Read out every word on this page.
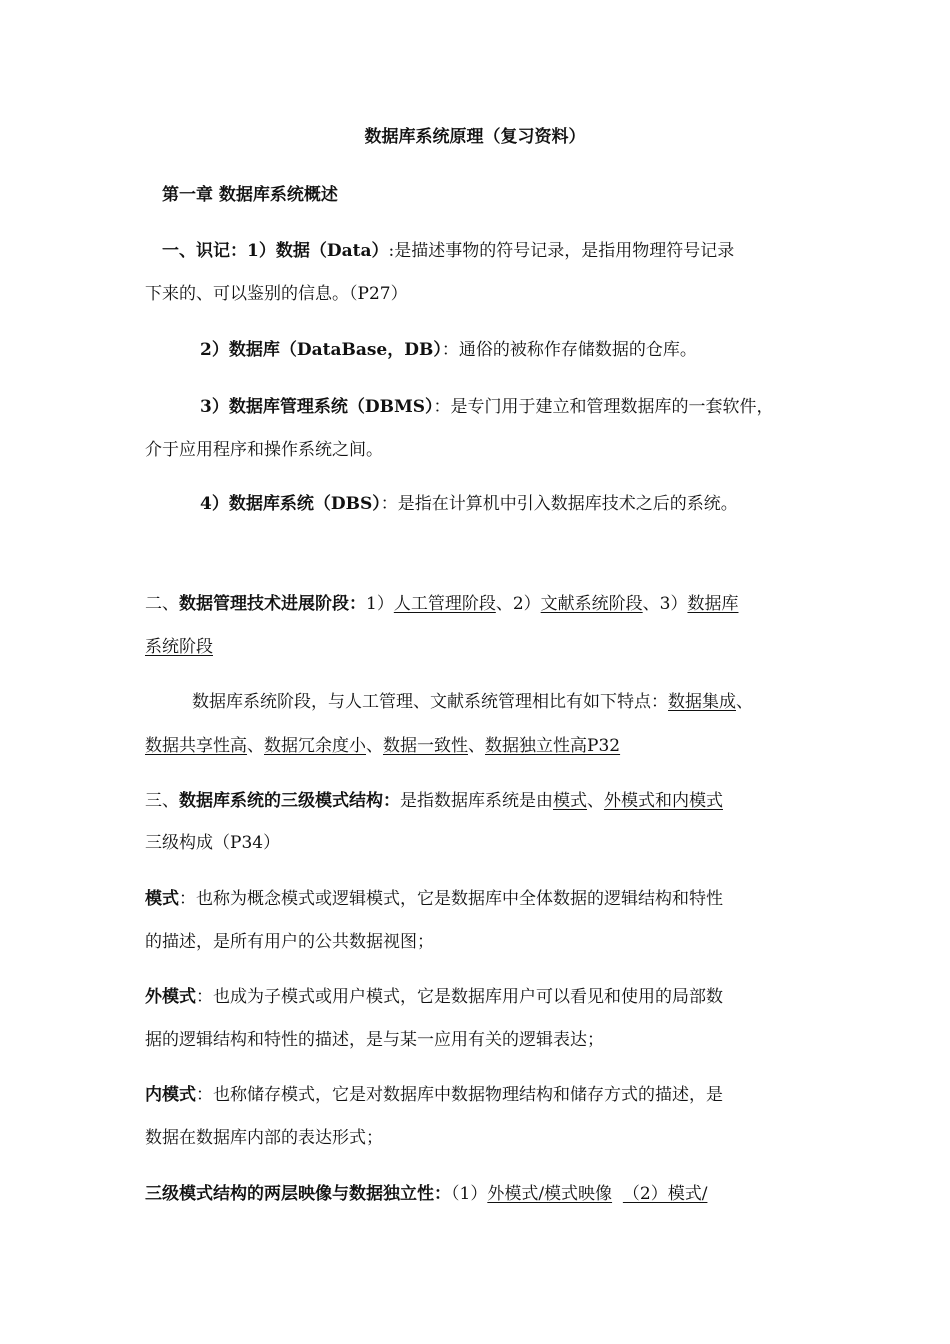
数据库系统原理（复习资料）
第一章 数据库系统概述
一、识记：1）数据（Data）:是描述事物的符号记录，是指用物理符号记录
下来的、可以鉴别的信息。（P27）
2）数据库（DataBase，DB）：通俗的被称作存储数据的仓库。
3）数据库管理系统（DBMS）：是专门用于建立和管理数据库的一套软件，
介于应用程序和操作系统之间。
4）数据库系统（DBS）：是指在计算机中引入数据库技术之后的系统。
二、数据管理技术进展阶段：1）人工管理阶段、2）文献系统阶段、3）数据库
系统阶段
数据库系统阶段，与人工管理、文献系统管理相比有如下特点：数据集成、
数据共享性高、数据冗余度小、数据一致性、数据独立性高P32
三、数据库系统的三级模式结构：是指数据库系统是由模式、外模式和内模式
三级构成（P34）
模式：也称为概念模式或逻辑模式，它是数据库中全体数据的逻辑结构和特性
的描述，是所有用户的公共数据视图；
外模式：也成为子模式或用户模式，它是数据库用户可以看见和使用的局部数
据的逻辑结构和特性的描述，是与某一应用有关的逻辑表达；
内模式：也称储存模式，它是对数据库中数据物理结构和储存方式的描述，是
数据在数据库内部的表达形式；
三级模式结构的两层映像与数据独立性：（1）外模式/模式映像 （2）模式/
